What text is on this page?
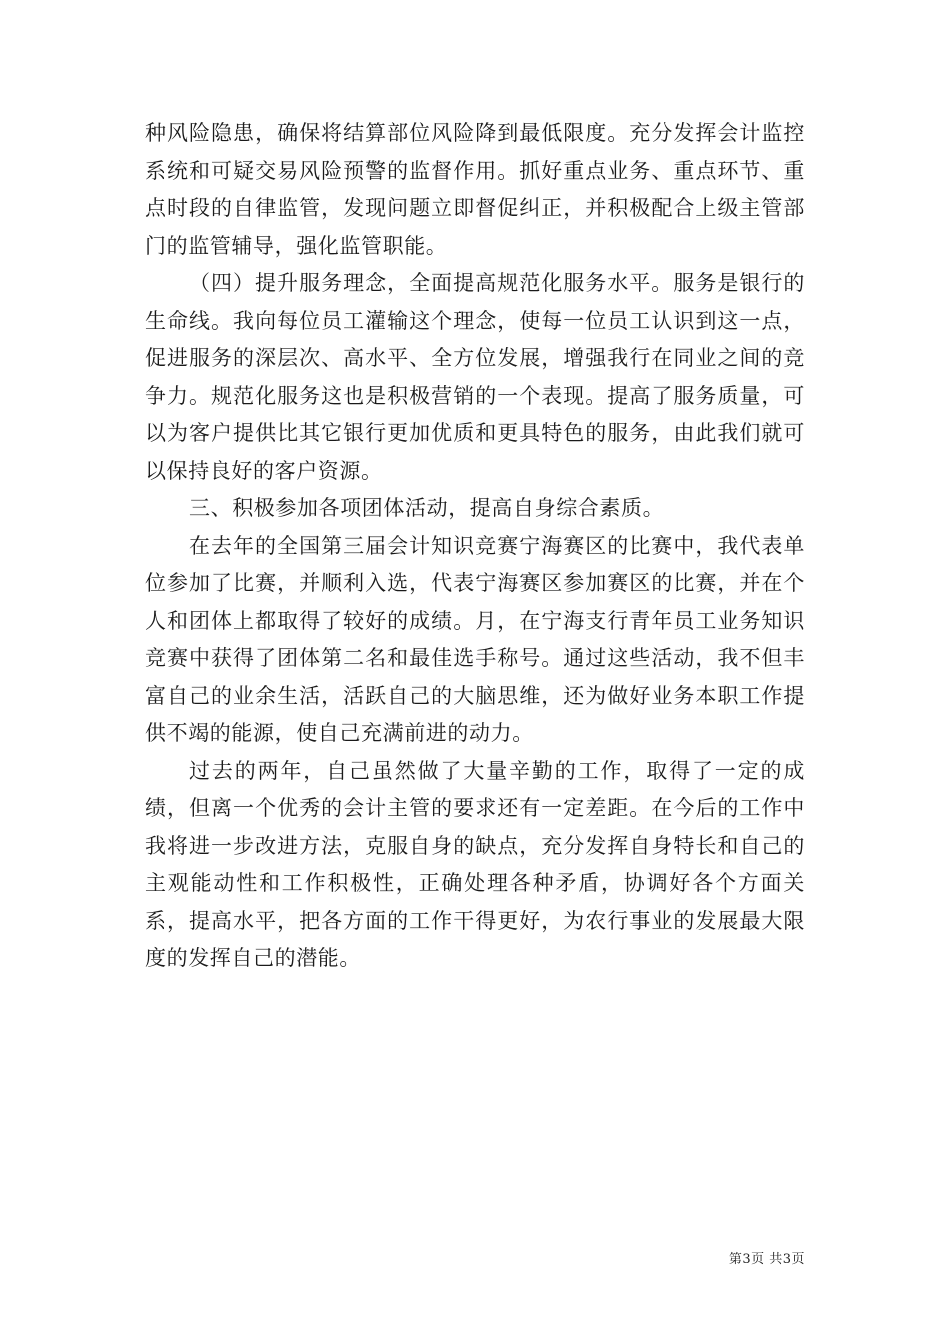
种风险隐患，确保将结算部位风险降到最低限度。充分发挥会计监控系统和可疑交易风险预警的监督作用。抓好重点业务、重点环节、重点时段的自律监管，发现问题立即督促纠正，并积极配合上级主管部门的监管辅导，强化监管职能。

（四）提升服务理念，全面提高规范化服务水平。服务是银行的生命线。我向每位员工灌输这个理念，使每一位员工认识到这一点，促进服务的深层次、高水平、全方位发展，增强我行在同业之间的竞争力。规范化服务这也是积极营销的一个表现。提高了服务质量，可以为客户提供比其它银行更加优质和更具特色的服务，由此我们就可以保持良好的客户资源。

三、积极参加各项团体活动，提高自身综合素质。

在去年的全国第三届会计知识竞赛宁海赛区的比赛中，我代表单位参加了比赛，并顺利入选，代表宁海赛区参加赛区的比赛，并在个人和团体上都取得了较好的成绩。月，在宁海支行青年员工业务知识竞赛中获得了团体第二名和最佳选手称号。通过这些活动，我不但丰富自己的业余生活，活跃自己的大脑思维，还为做好业务本职工作提供不竭的能源，使自己充满前进的动力。

过去的两年，自己虽然做了大量辛勤的工作，取得了一定的成绩，但离一个优秀的会计主管的要求还有一定差距。在今后的工作中我将进一步改进方法，克服自身的缺点，充分发挥自身特长和自己的主观能动性和工作积极性，正确处理各种矛盾，协调好各个方面关系，提高水平，把各方面的工作干得更好，为农行事业的发展最大限度的发挥自己的潜能。

第3页 共3页
